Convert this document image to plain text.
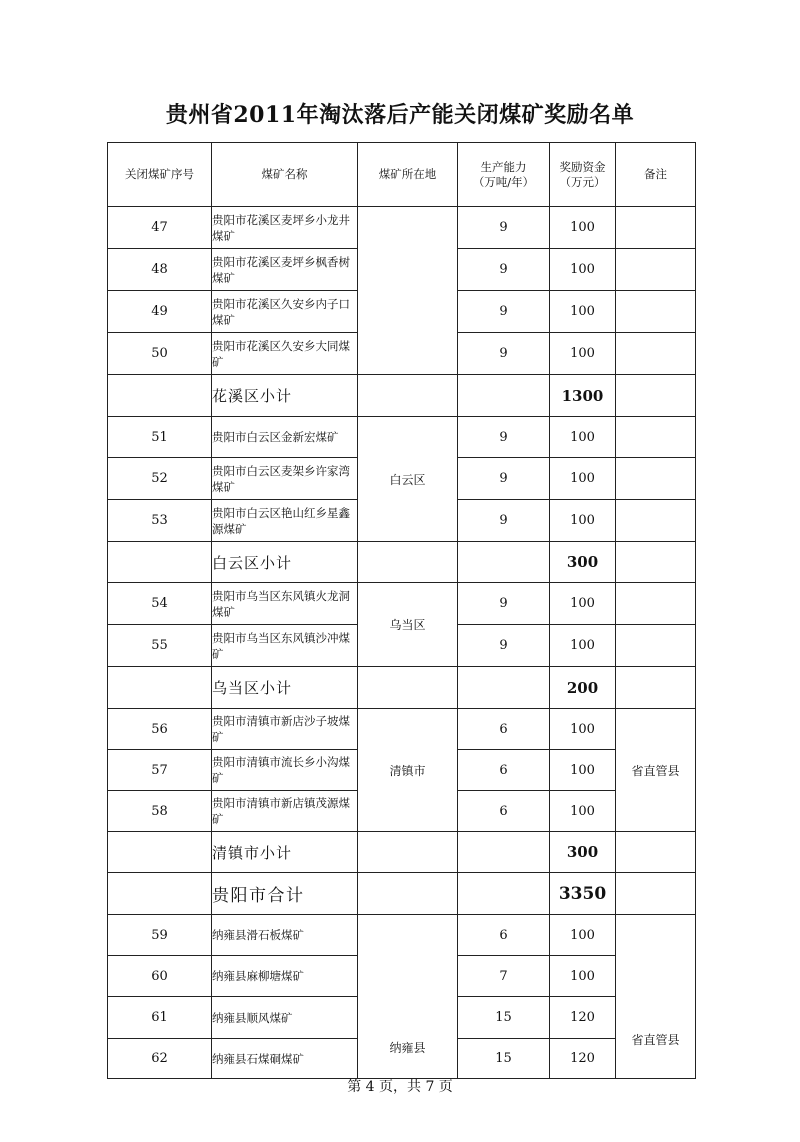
贵州省2011年淘汰落后产能关闭煤矿奖励名单
关闭煤矿序号	煤矿名称	煤矿所在地	生产能力（万吨/年）	奖励资金（万元）	备注
47	贵阳市花溪区麦坪乡小龙井煤矿		9	100	
48	贵阳市花溪区麦坪乡枫香树煤矿		9	100	
49	贵阳市花溪区久安乡内子口煤矿		9	100	
50	贵阳市花溪区久安乡大同煤矿		9	100	
	花溪区小计			1300	
51	贵阳市白云区金新宏煤矿	白云区	9	100	
52	贵阳市白云区麦架乡许家湾煤矿		9	100	
53	贵阳市白云区艳山红乡星鑫源煤矿		9	100	
	白云区小计			300	
54	贵阳市乌当区东风镇火龙洞煤矿	乌当区	9	100	
55	贵阳市乌当区东风镇沙冲煤矿		9	100	
	乌当区小计			200	
56	贵阳市清镇市新店沙子坡煤矿	清镇市	6	100	省直管县
57	贵阳市清镇市流长乡小沟煤矿		6	100	
58	贵阳市清镇市新店镇茂源煤矿		6	100	
	清镇市小计			300	
	贵阳市合计			3350	
59	纳雍县滑石板煤矿	纳雍县	6	100	省直管县
60	纳雍县麻柳塘煤矿		7	100	
61	纳雍县顺风煤矿		15	120	
62	纳雍县石煤硐煤矿		15	120	
第 4 页，共 7 页
